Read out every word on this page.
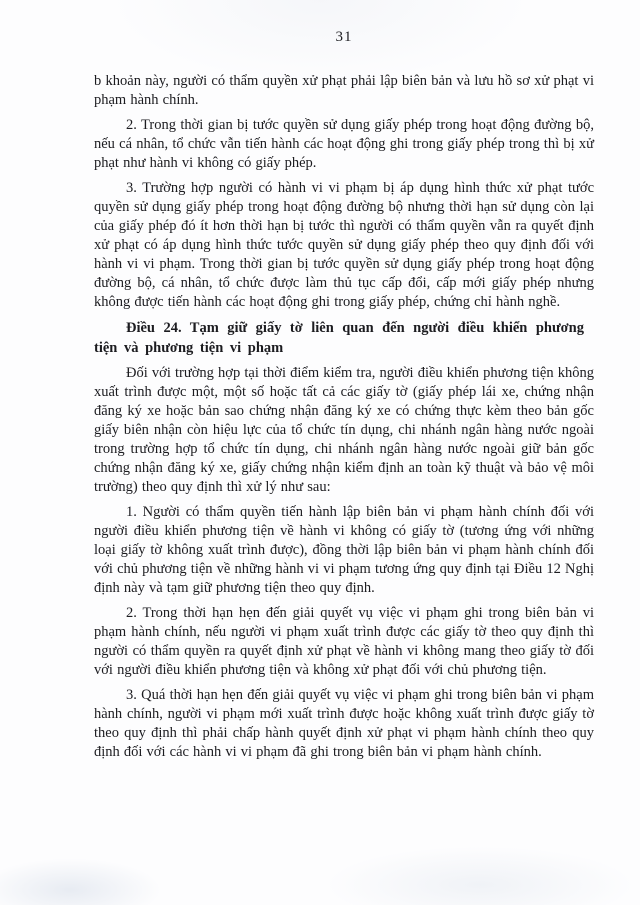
31

b khoản này, người có thẩm quyền xử phạt phải lập biên bản và lưu hồ sơ xử phạt vi phạm hành chính.

2. Trong thời gian bị tước quyền sử dụng giấy phép trong hoạt động đường bộ, nếu cá nhân, tổ chức vẫn tiến hành các hoạt động ghi trong giấy phép trong thì bị xử phạt như hành vi không có giấy phép.

3. Trường hợp người có hành vi vi phạm bị áp dụng hình thức xử phạt tước quyền sử dụng giấy phép trong hoạt động đường bộ nhưng thời hạn sử dụng còn lại của giấy phép đó ít hơn thời hạn bị tước thì người có thẩm quyền vẫn ra quyết định xử phạt có áp dụng hình thức tước quyền sử dụng giấy phép theo quy định đối với hành vi vi phạm. Trong thời gian bị tước quyền sử dụng giấy phép trong hoạt động đường bộ, cá nhân, tổ chức được làm thủ tục cấp đổi, cấp mới giấy phép nhưng không được tiến hành các hoạt động ghi trong giấy phép, chứng chỉ hành nghề.

Điều 24. Tạm giữ giấy tờ liên quan đến người điều khiển phương tiện và phương tiện vi phạm

Đối với trường hợp tại thời điểm kiểm tra, người điều khiển phương tiện không xuất trình được một, một số hoặc tất cả các giấy tờ (giấy phép lái xe, chứng nhận đăng ký xe hoặc bản sao chứng nhận đăng ký xe có chứng thực kèm theo bản gốc giấy biên nhận còn hiệu lực của tổ chức tín dụng, chi nhánh ngân hàng nước ngoài trong trường hợp tổ chức tín dụng, chi nhánh ngân hàng nước ngoài giữ bản gốc chứng nhận đăng ký xe, giấy chứng nhận kiểm định an toàn kỹ thuật và bảo vệ môi trường) theo quy định thì xử lý như sau:

1. Người có thẩm quyền tiến hành lập biên bản vi phạm hành chính đối với người điều khiển phương tiện về hành vi không có giấy tờ (tương ứng với những loại giấy tờ không xuất trình được), đồng thời lập biên bản vi phạm hành chính đối với chủ phương tiện về những hành vi vi phạm tương ứng quy định tại Điều 12 Nghị định này và tạm giữ phương tiện theo quy định.

2. Trong thời hạn hẹn đến giải quyết vụ việc vi phạm ghi trong biên bản vi phạm hành chính, nếu người vi phạm xuất trình được các giấy tờ theo quy định thì người có thẩm quyền ra quyết định xử phạt về hành vi không mang theo giấy tờ đối với người điều khiển phương tiện và không xử phạt đối với chủ phương tiện.

3. Quá thời hạn hẹn đến giải quyết vụ việc vi phạm ghi trong biên bản vi phạm hành chính, người vi phạm mới xuất trình được hoặc không xuất trình được giấy tờ theo quy định thì phải chấp hành quyết định xử phạt vi phạm hành chính theo quy định đối với các hành vi vi phạm đã ghi trong biên bản vi phạm hành chính.
